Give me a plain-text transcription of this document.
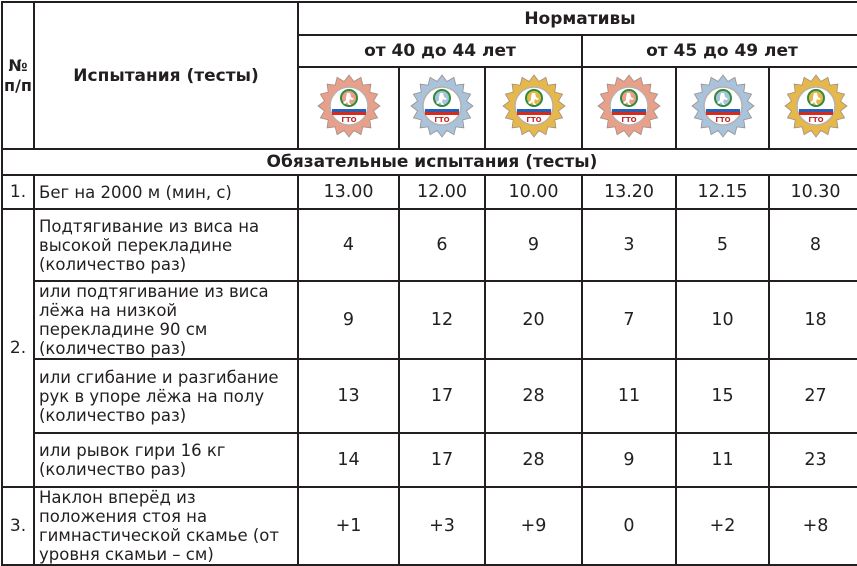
№ п/п	Испытания (тесты)	Нормативы					
		от 40 до 44 лет			от 45 до 49 лет		

ГТО	ГТО	ГТО	ГТО	ГТО	ГТО

Обязательные испытания (тесты)							
1.	Бег на 2000 м (мин, с)	13.00	12.00	10.00	13.20	12.15	10.30
2.	Подтягивание из виса на высокой перекладине (количество раз)	4	6	9	3	5	8
	или подтягивание из виса лёжа на низкой перекладине 90 см (количество раз)	9	12	20	7	10	18
	или сгибание и разгибание рук в упоре лёжа на полу (количество раз)	13	17	28	11	15	27
	или рывок гири 16 кг (количество раз)	14	17	28	9	11	23
3.	Наклон вперёд из положения стоя на гимнастической скамье (от уровня скамьи – см)	+1	+3	+9	0	+2	+8
